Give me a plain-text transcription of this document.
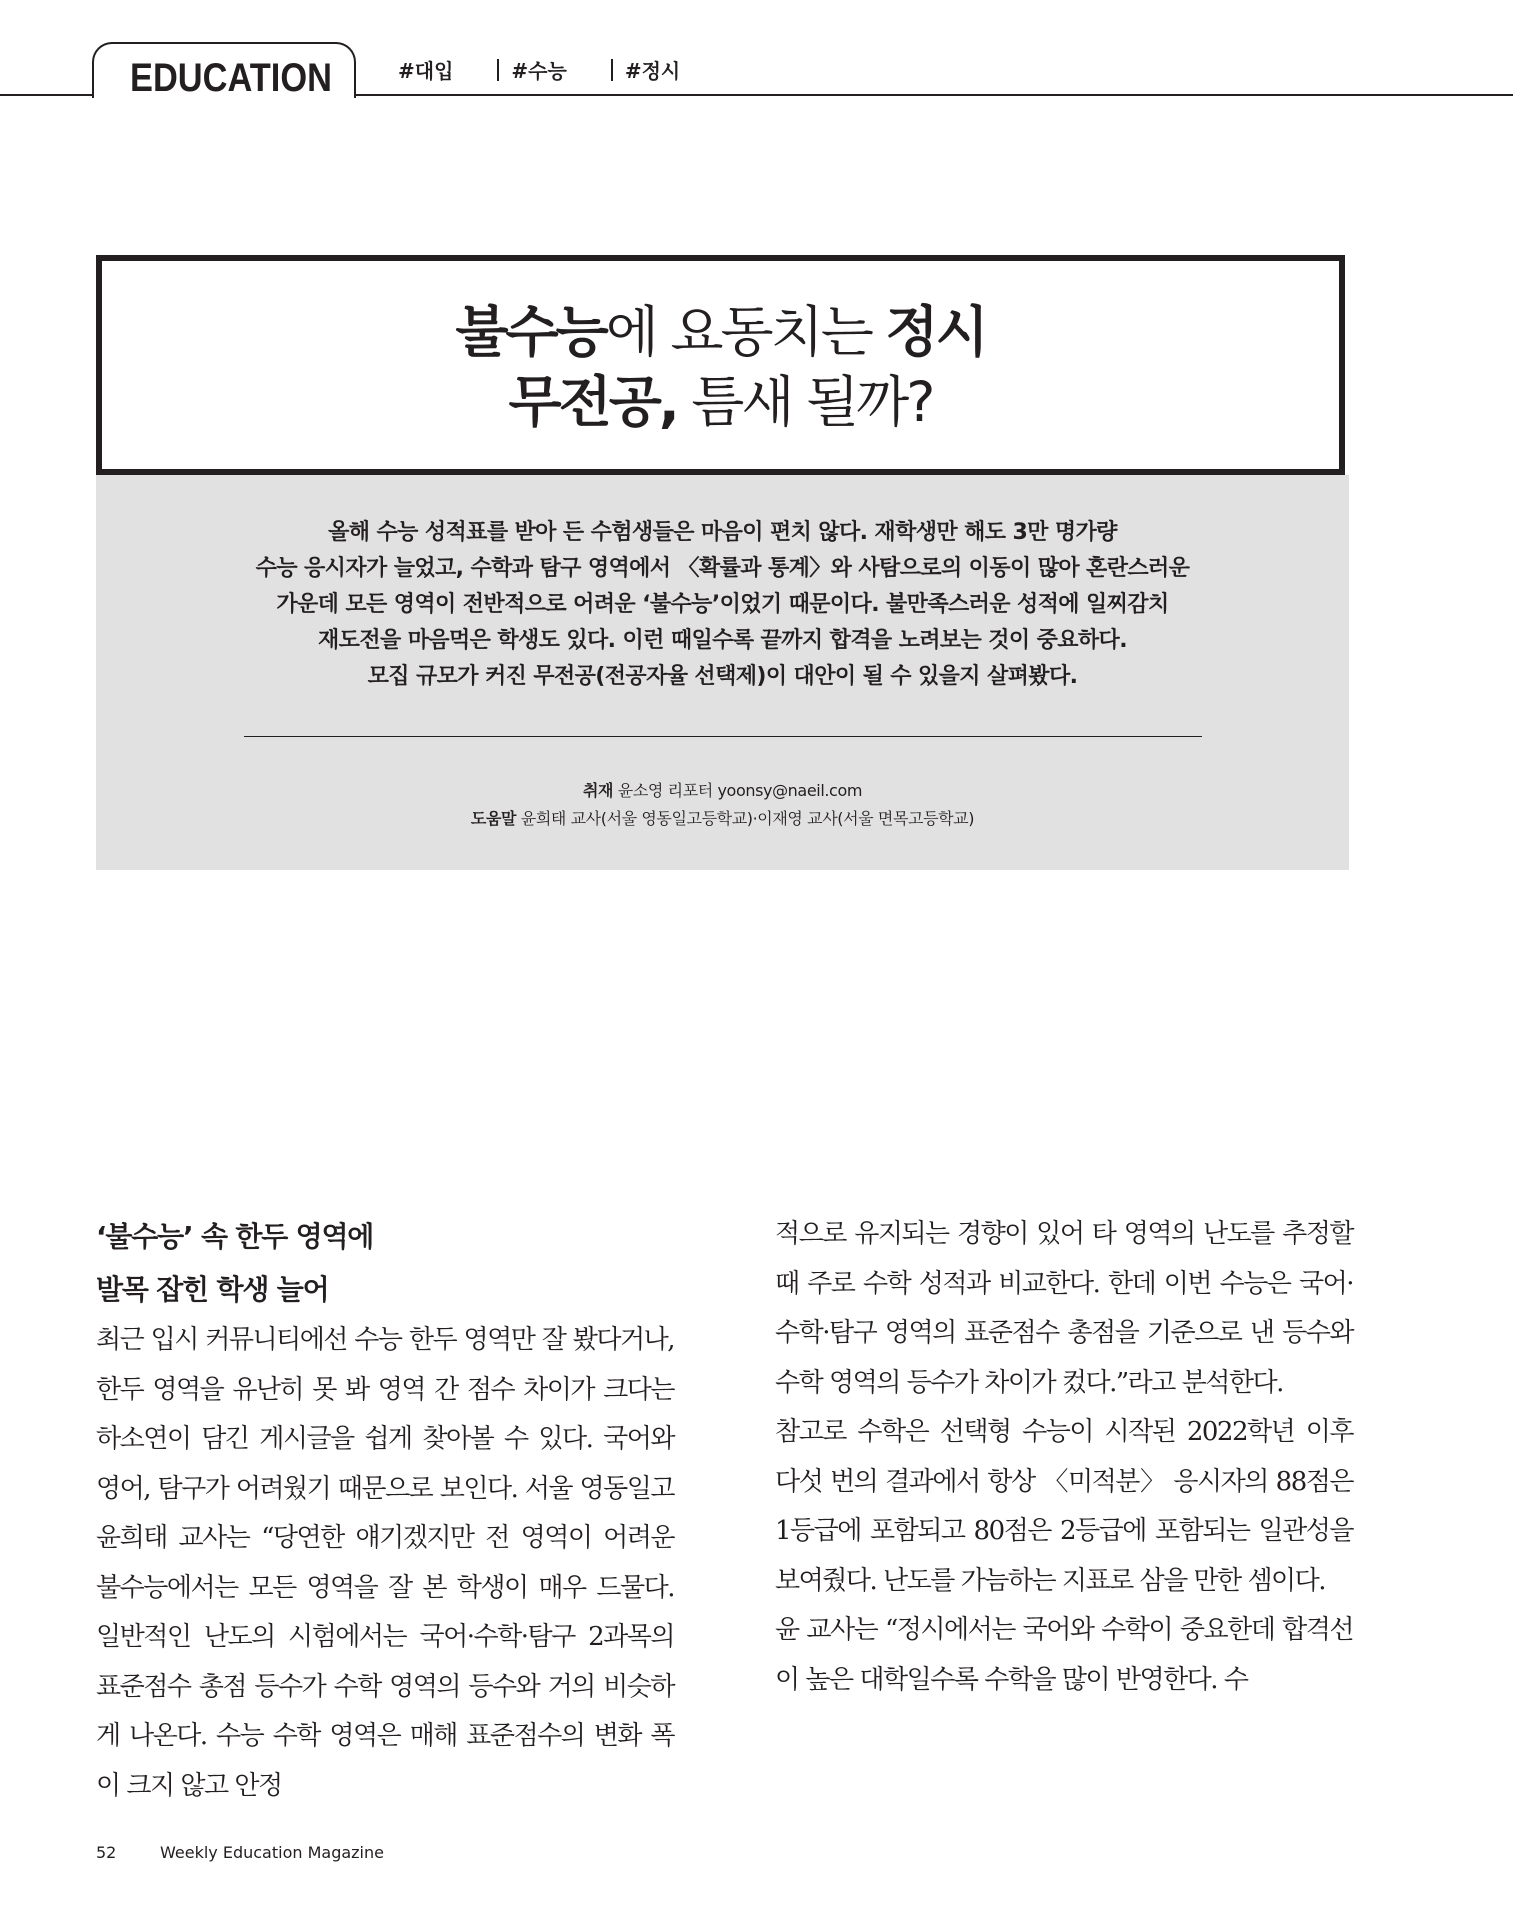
EDUCATION	#대입	#수능	#정시
불수능에 요동치는 정시
무전공, 틈새 될까?
올해 수능 성적표를 받아 든 수험생들은 마음이 편치 않다. 재학생만 해도 3만 명가량
수능 응시자가 늘었고, 수학과 탐구 영역에서 〈확률과 통계〉와 사탐으로의 이동이 많아 혼란스러운
가운데 모든 영역이 전반적으로 어려운 ‘불수능’이었기 때문이다. 불만족스러운 성적에 일찌감치
재도전을 마음먹은 학생도 있다. 이런 때일수록 끝까지 합격을 노려보는 것이 중요하다.
모집 규모가 커진 무전공(전공자율 선택제)이 대안이 될 수 있을지 살펴봤다.
취재 윤소영 리포터 yoonsy@naeil.com
도움말 윤희태 교사(서울 영동일고등학교)·이재영 교사(서울 면목고등학교)
‘불수능’ 속 한두 영역에
발목 잡힌 학생 늘어

최근 입시 커뮤니티에선 수능 한두 영역만 잘 봤다거나, 한두 영역을 유난히 못 봐 영역 간 점수 차이가 크다는 하소연이 담긴 게시글을 쉽게 찾아볼 수 있다. 국어와 영어, 탐구가 어려웠기 때문으로 보인다. 서울 영동일고 윤희태 교사는 “당연한 얘기겠지만 전 영역이 어려운 불수능에서는 모든 영역을 잘 본 학생이 매우 드물다. 일반적인 난도의 시험에서는 국어·수학·탐구 2과목의 표준점수 총점 등수가 수학 영역의 등수와 거의 비슷하게 나온다. 수능 수학 영역은 매해 표준점수의 변화 폭이 크지 않고 안정

적으로 유지되는 경향이 있어 타 영역의 난도를 추정할 때 주로 수학 성적과 비교한다. 한데 이번 수능은 국어·수학·탐구 영역의 표준점수 총점을 기준으로 낸 등수와 수학 영역의 등수가 차이가 컸다.”라고 분석한다.

참고로 수학은 선택형 수능이 시작된 2022학년 이후 다섯 번의 결과에서 항상 〈미적분〉 응시자의 88점은 1등급에 포함되고 80점은 2등급에 포함되는 일관성을 보여줬다. 난도를 가늠하는 지표로 삼을 만한 셈이다.

윤 교사는 “정시에서는 국어와 수학이 중요한데 합격선이 높은 대학일수록 수학을 많이 반영한다. 수

52	Weekly Education Magazine
